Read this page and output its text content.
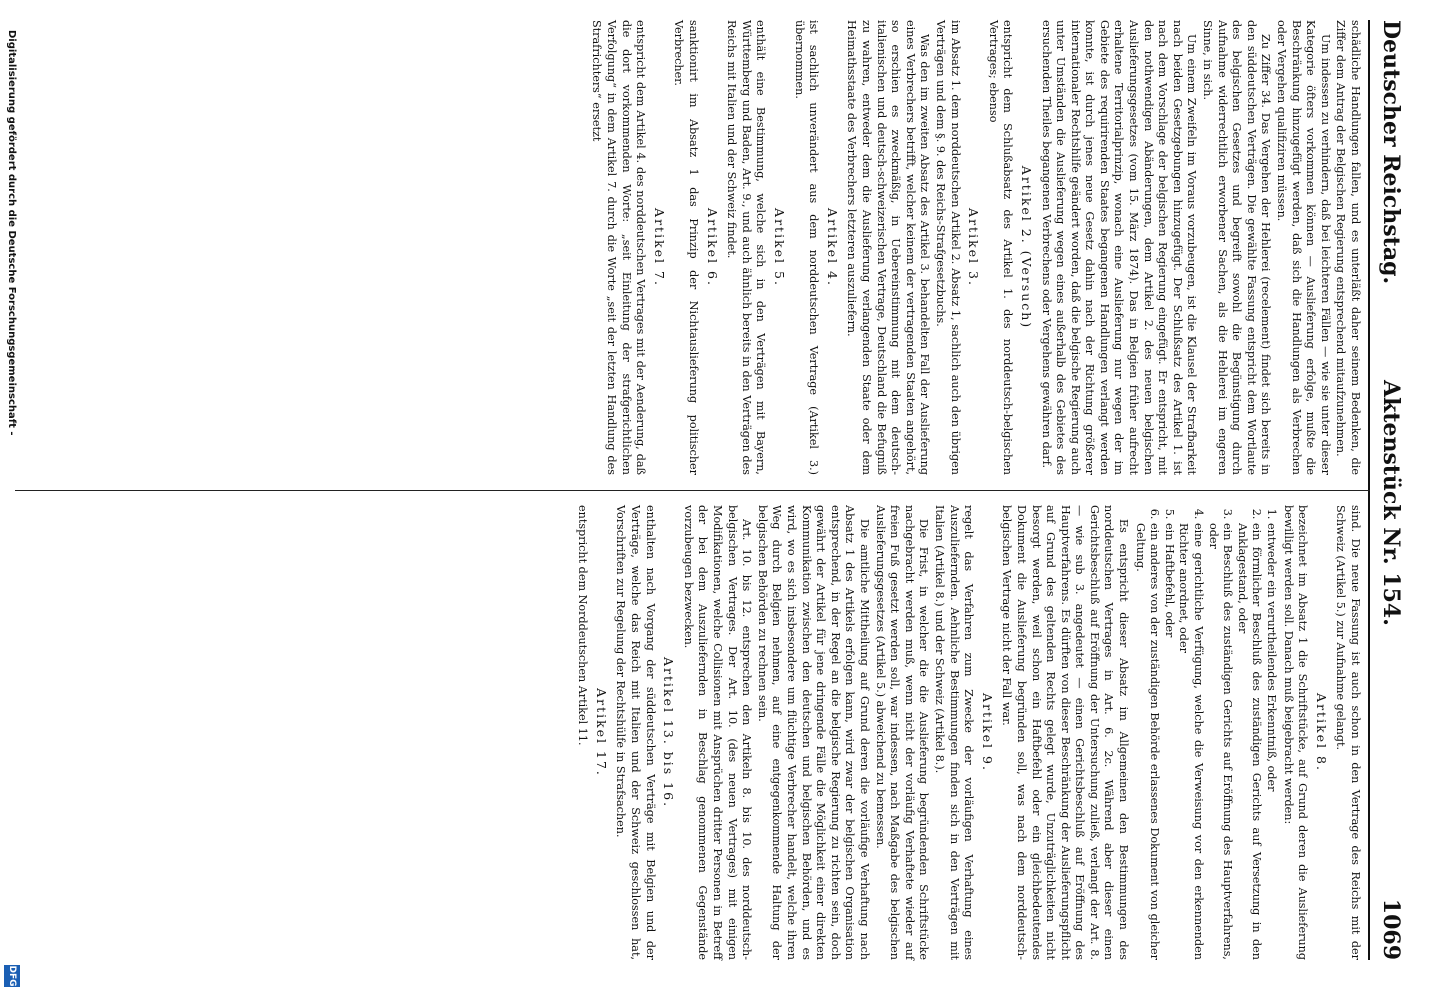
Deutscher Reichstag.
Aktenstück Nr. 154.
1069

schädliche Handlungen fallen, und es unterläßt daher seinem Bedenken, die Ziffer dem Antrag der Belgischen Regierung entsprechend mitaufzunehmen.

Um indessen zu verhindern, daß bei leichteren Fällen — wie sie unter dieser Kategorie öfters vorkommen können — Auslieferung erfolge, mußte die Beschränkung hinzugefügt werden, daß sich die Handlungen als Verbrechen oder Vergehen qualifiziren müssen.

Zu Ziffer 34. Das Vergehen der Hehlerei (recelement) findet sich bereits in den süddeutschen Verträgen. Die gewählte Fassung entspricht dem Wortlaute des belgischen Gesetzes und begreift sowohl die Begünstigung durch Aufnahme widerrechtlich erworbener Sachen, als die Hehlerei im engeren Sinne, in sich.

Um einem Zweifeln im Voraus vorzubeugen, ist die Klausel der Strafbarkeit nach beiden Gesetzgebungen hinzugefügt. Der Schlußsatz des Artikel 1. ist nach dem Vorschlage der belgischen Regierung eingefügt. Er entspricht, mit den nothwendigen Abänderungen, dem Artikel 2. des neuen belgischen Auslieferungsgesetzes (vom 15. März 1874). Das in Belgien früher aufrecht erhaltene Territorialprinzip, wonach eine Auslieferung nur wegen der im Gebiete des requirirenden Staates begangenen Handlungen verlangt werden konnte, ist durch jenes neue Gesetz dahin nach der Richtung größerer internationaler Rechtshilfe geändert worden, daß die belgische Regierung auch unter Umständen die Auslieferung wegen eines außerhalb des Gebietes des ersuchenden Theiles begangenen Verbrechens oder Vergehens gewähren darf.

Artikel 2. (Versuch)

entspricht dem Schlußabsatz des Artikel 1. des norddeutsch-belgischen Vertrages; ebenso

Artikel 3.

im Absatz 1. dem norddeutschen Artikel 2. Absatz 1, sachlich auch den übrigen Verträgen und dem §. 9. des Reichs-Strafgesetzbuchs.

Was den im zweiten Absatz des Artikel 3. behandelten Fall der Auslieferung eines Verbrechers betrifft, welcher keinem der vertragenden Staaten angehört, so erschien es zweckmäßig, in Uebereinstimmung mit dem deutsch-italienischen und deutsch-schweizerischen Vertrage, Deutschland die Befugniß zu wahren, entweder dem die Auslieferung verlangenden Staate oder dem Heimathsstaate des Verbrechers letzteren auszuliefern.

Artikel 4.

ist sachlich unverändert aus dem norddeutschen Vertrage (Artikel 3.) übernommen.

Artikel 5.

enthält eine Bestimmung, welche sich in den Verträgen mit Bayern, Württemberg und Baden, Art. 9., und auch ähnlich bereits in den Verträgen des Reichs mit Italien und der Schweiz findet.

Artikel 6.

sanktionirt im Absatz 1 das Prinzip der Nichtauslieferung politischer Verbrecher.

Artikel 7.

entspricht dem Artikel 4. des norddeutschen Vertrages mit der Aenderung, daß die dort vorkommenden Worte: „seit Einleitung der strafgerichtlichen Verfolgung“ in dem Artikel 7. durch die Worte „seit der letzten Handlung des Strafrichters“ ersetzt

sind. Die neue Fassung ist auch schon in den Vertrage des Reichs mit der Schweiz (Artikel 5.) zur Aufnahme gelangt.

Artikel 8.

bezeichnet im Absatz 1 die Schriftstücke, auf Grund deren die Auslieferung bewilligt werden soll. Danach muß beigebracht werden:

1. entweder ein verurtheilendes Erkenntniß, oder
2. ein förmlicher Beschluß des zuständigen Gerichts auf Versetzung in den Anklagestand, oder
3. ein Beschluß des zuständigen Gerichts auf Eröffnung des Hauptverfahrens, oder
4. eine gerichtliche Verfügung, welche die Verweisung vor den erkennenden Richter anordnet, oder
5. ein Haftbefehl, oder
6. ein anderes von der zuständigen Behörde erlassenes Dokument von gleicher Geltung.

Es entspricht dieser Absatz im Allgemeinen den Bestimmungen des norddeutschen Vertrages in Art. 6. 2c. Während aber dieser einen Gerichtsbeschluß auf Eröffnung der Untersuchung zuließ, verlangt der Art. 8. — wie sub 3. angedeutet — einen Gerichtsbeschluß auf Eröffnung des Hauptverfahrens. Es dürften von dieser Beschränkung der Auslieferungspflicht auf Grund des geltenden Rechts gelegt wurde, Unzuträglichkeiten nicht besorgt werden, weil schon ein Haftbefehl oder ein gleichbedeutendes Dokument die Auslieferung begründen soll, was nach dem norddeutsch-belgischen Vertrage nicht der Fall war.

Artikel 9.

regelt das Verfahren zum Zwecke der vorläufigen Verhaftung eines Auszuliefernden. Aehnliche Bestimmungen finden sich in den Verträgen mit Italien (Artikel 8.) und der Schweiz (Artikel 8.).

Die Frist, in welcher die die Auslieferung begründenden Schriftstücke nachgebracht werden muß, wenn nicht der vorläufig Verhaftete wieder auf freien Fuß gesetzt werden soll, war indessen, nach Maßgabe des belgischen Auslieferungsgesetzes (Artikel 5.) abweichend zu bemessen.

Die amtliche Mittheilung auf Grund deren die vorläufige Verhaftung nach Absatz 1 des Artikels erfolgen kann, wird zwar der belgischen Organisation entsprechend, in der Regel an die belgische Regierung zu richten sein, doch gewährt der Artikel für jene dringende Fälle die Möglichkeit einer direkten Kommunikation zwischen den deutschen und belgischen Behörden, und es wird, wo es sich insbesondere um flüchtige Verbrecher handelt, welche ihren Weg durch Belgien nehmen, auf eine entgegenkommende Haltung der belgischen Behörden zu rechnen sein.

Art. 10. bis 12. entsprechen den Artikeln 8. bis 10. des norddeutsch-belgischen Vertrages. Der Art. 10. (des neuen Vertrages) mit einigen Modifikationen, welche Collisionen mit Ansprüchen dritter Personen in Betreff der bei dem Auszuliefernden in Beschlag genommenen Gegenstände vorzubeugen bezwecken.

Artikel 13. bis 16.

enthalten nach Vorgang der süddeutschen Verträge mit Belgien und der Verträge, welche das Reich mit Italien und der Schweiz geschlossen hat, Vorschriften zur Regelung der Rechtshülfe in Strafsachen.

Artikel 17.

entspricht dem Norddeutschen Artikel 11.

Digitalisierung gefördert durch die Deutsche Forschungsgemeinschaft -
DFG
